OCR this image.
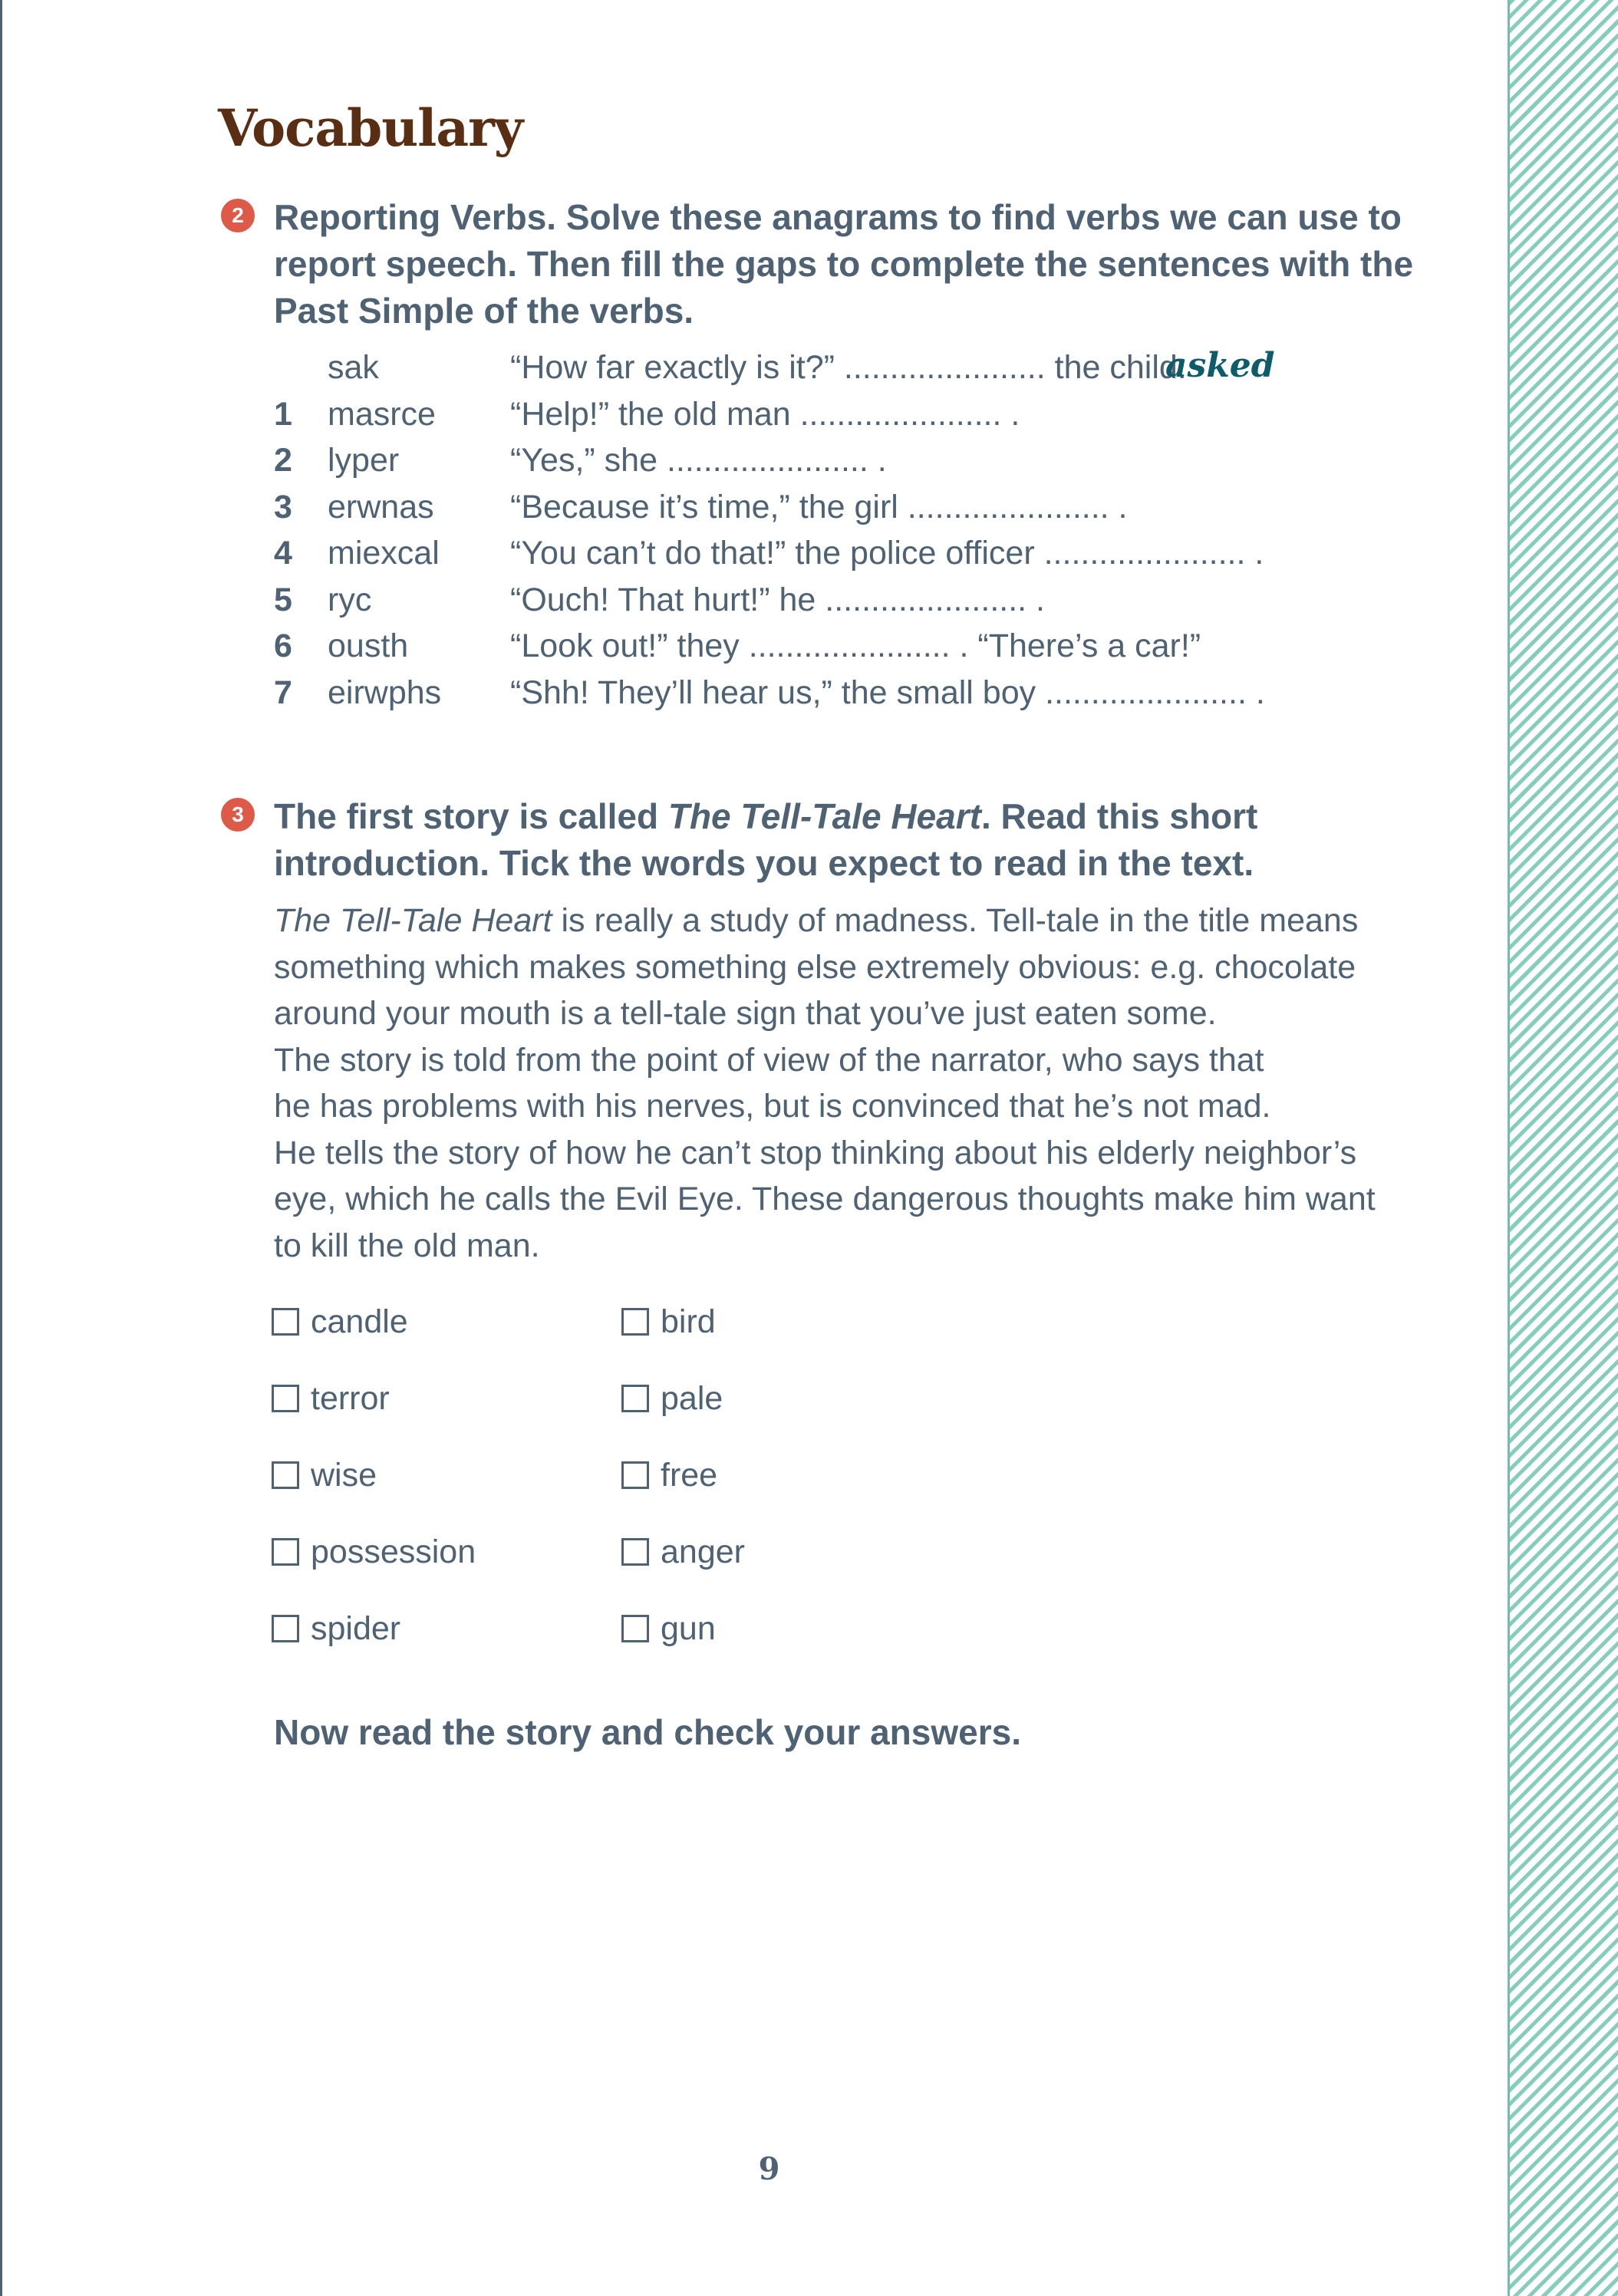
Vocabulary
2 Reporting Verbs. Solve these anagrams to find verbs we can use to
report speech. Then fill the gaps to complete the sentences with the
Past Simple of the verbs.
sak	“How far exactly is it?” ...................... the child.
asked
1 masrce “Help!” the old man ...................... .
2 lyper	“Yes,” she ...................... .
3 erwnas “Because it’s time,” the girl ...................... .
4 miexcal “You can’t do that!” the police officer ...................... .
5 ryc	“Ouch! That hurt!” he ...................... .
6 ousth	“Look out!” they ...................... . “There’s a car!”
7 eirwphs “Shh! They’ll hear us,” the small boy ...................... .
3 The first story is called The Tell-Tale Heart. Read this short
introduction. Tick the words you expect to read in the text.
The Tell-Tale Heart is really a study of madness. Tell-tale in the title means
something which makes something else extremely obvious: e.g. chocolate
around your mouth is a tell-tale sign that you’ve just eaten some.
The story is told from the point of view of the narrator, who says that
he has problems with his nerves, but is convinced that he’s not mad.
He tells the story of how he can’t stop thinking about his elderly neighbor’s
eye, which he calls the Evil Eye. These dangerous thoughts make him want
to kill the old man.
candle
terror
wise
possession
spider
bird
pale
free
anger
gun
Now read the story and check your answers.
9
